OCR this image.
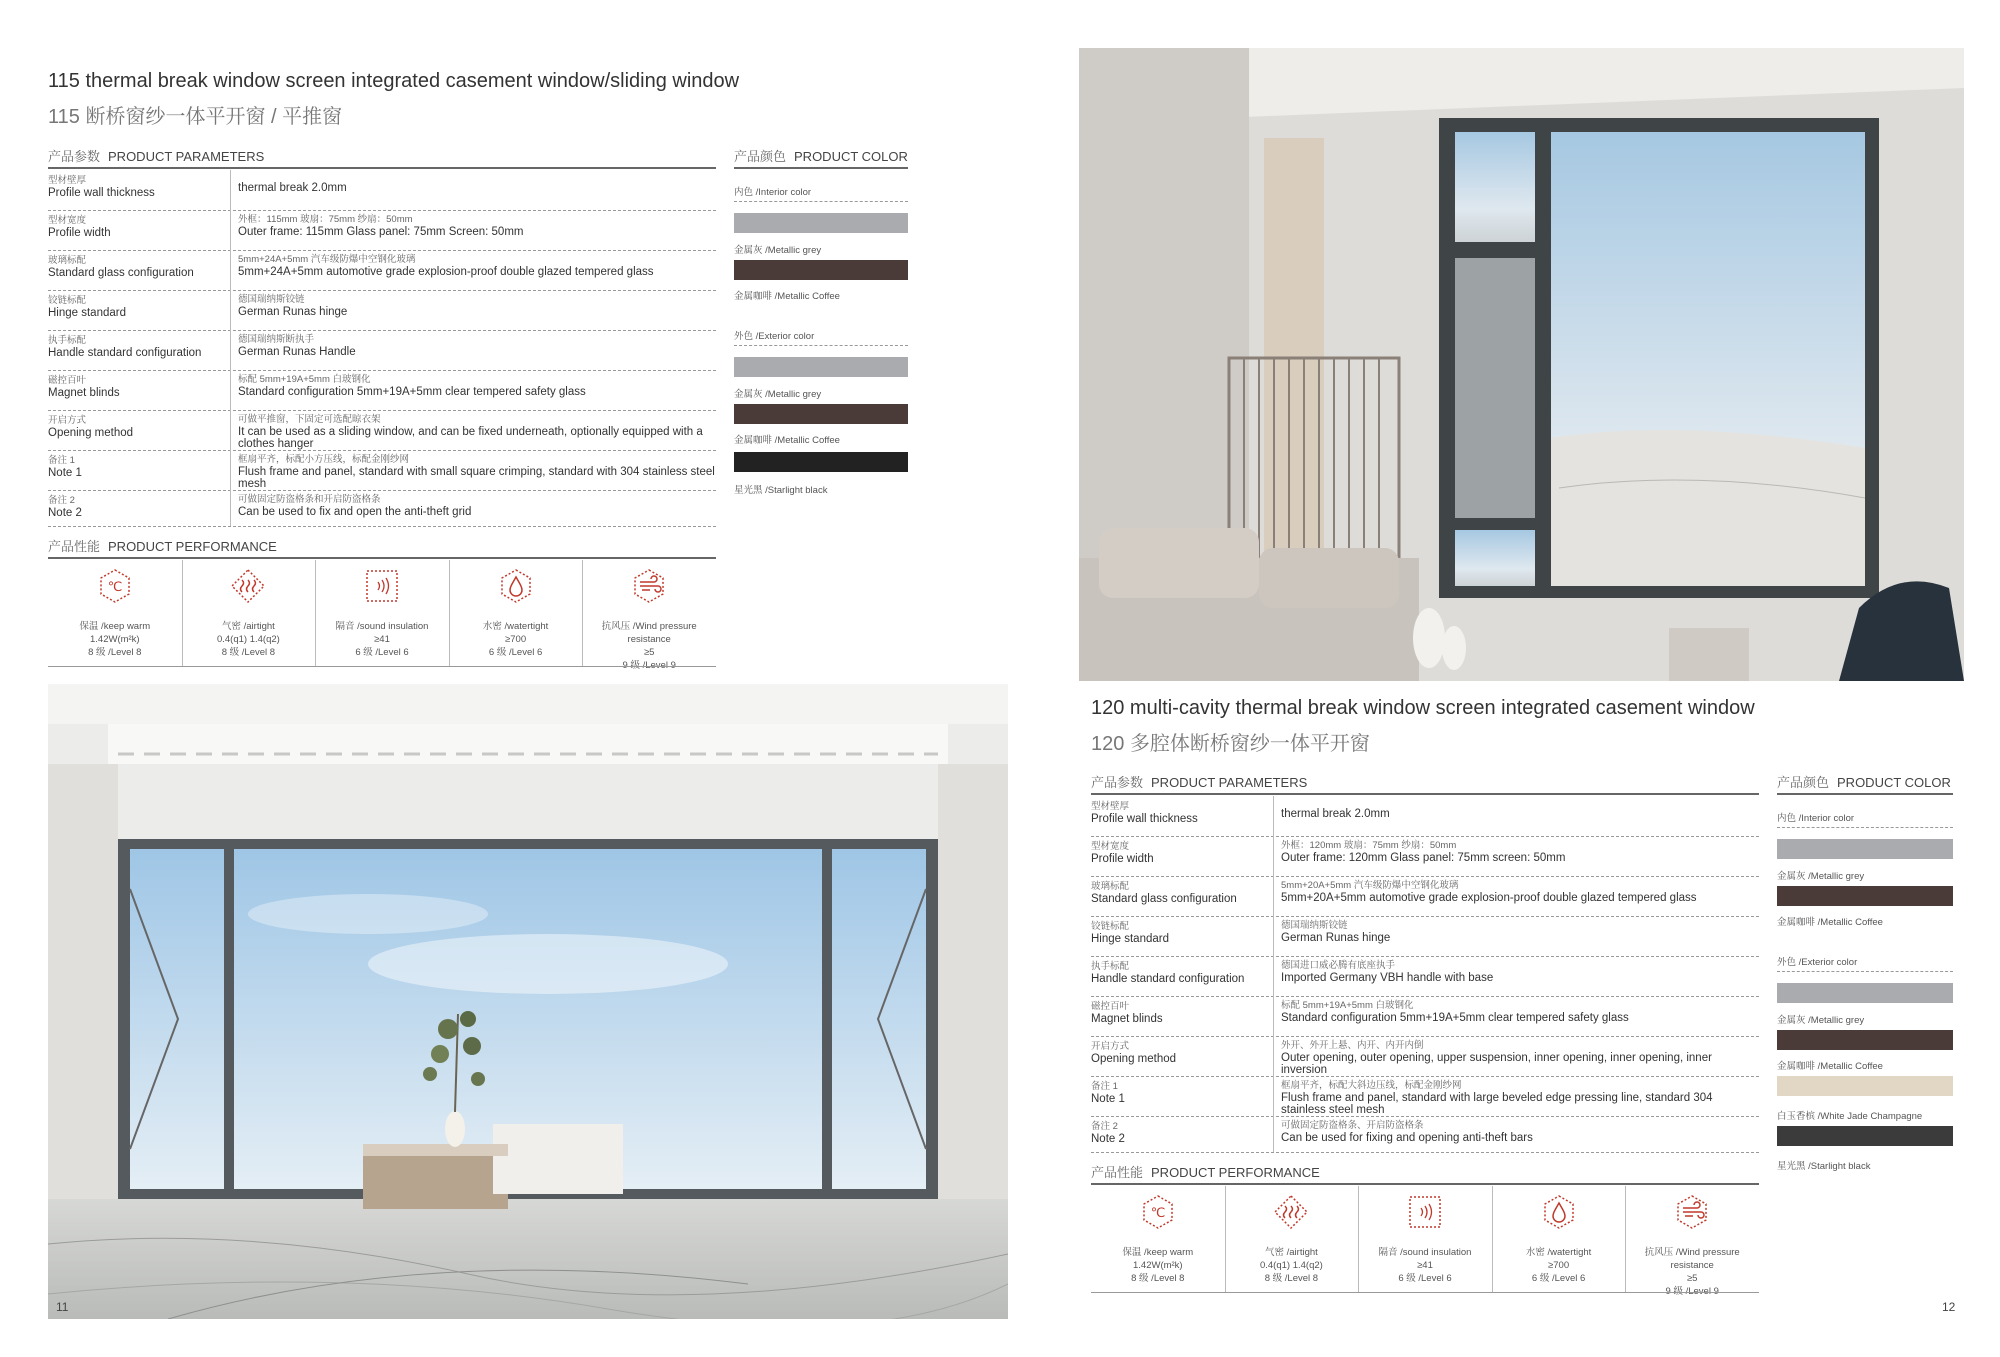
115 thermal break window screen integrated casement window/sliding window
115 断桥窗纱一体平开窗 / 平推窗
产品参数 PRODUCT PARAMETERS
型材壁厚
Profile wall thickness	thermal break 2.0mm
型材宽度
Profile width
外框：115mm 玻扇：75mm 纱扇：50mm
Outer frame: 115mm Glass panel: 75mm Screen: 50mm
玻璃标配
Standard glass configuration
5mm+24A+5mm 汽车级防爆中空钢化玻璃
5mm+24A+5mm automotive grade explosion-proof double glazed tempered glass
铰链标配
Hinge standard
德国瑞纳斯铰链
German Runas hinge
执手标配
Handle standard configuration
德国瑞纳斯断执手
German Runas Handle
磁控百叶
Magnet blinds
标配 5mm+19A+5mm 白玻钢化
Standard configuration 5mm+19A+5mm clear tempered safety glass
开启方式
Opening method
可做平推窗，下固定可选配晾衣架
It can be used as a sliding window, and can be fixed underneath, optionally equipped with a clothes hanger
备注 1
Note 1
框扇平齐，标配小方压线，标配金刚纱网
Flush frame and panel, standard with small square crimping, standard with 304 stainless steel mesh
备注 2
Note 2
可做固定防盗格条和开启防盗格条
Can be used to fix and open the anti-theft grid
产品颜色 PRODUCT COLOR
内色 /Interior color
金属灰 /Metallic grey
金属咖啡 /Metallic Coffee
外色 /Exterior color
金属灰 /Metallic grey
金属咖啡 /Metallic Coffee
星光黑 /Starlight black
产品性能 PRODUCT PERFORMANCE
℃
保温 /keep warm
1.42W(m²k)
8 级 /Level 8
气密 /airtight
0.4(q1) 1.4(q2)
8 级 /Level 8
隔音 /sound insulation
≥41
6 级 /Level 6
水密 /watertight
≥700
6 级 /Level 6
抗风压 /Wind pressure resistance
≥5
11
120 multi-cavity thermal break window screen integrated casement window
120 多腔体断桥窗纱一体平开窗
产品参数 PRODUCT PARAMETERS
型材壁厚
Profile wall thickness	thermal break 2.0mm
型材宽度
Profile width
外框：120mm 玻扇：75mm 纱扇：50mm
Outer frame: 120mm Glass panel: 75mm screen: 50mm
玻璃标配
Standard glass configuration
5mm+20A+5mm 汽车级防爆中空钢化玻璃
5mm+20A+5mm automotive grade explosion-proof double glazed tempered glass
铰链标配
Hinge standard
德国瑞纳斯铰链
German Runas hinge
执手标配
Handle standard configuration
德国进口威必腾有底座执手
Imported Germany VBH handle with base
磁控百叶
Magnet blinds
标配 5mm+19A+5mm 白玻钢化
Standard configuration 5mm+19A+5mm clear tempered safety glass
开启方式
Opening method
外开、外开上悬、内开、内开内倒
Outer opening, outer opening, upper suspension, inner opening, inner opening, inner inversion
备注 1
Note 1
框扇平齐，标配大斜边压线，标配金刚纱网
Flush frame and panel, standard with large beveled edge pressing line, standard 304 stainless steel mesh
备注 2
Note 2
可做固定防盗格条、开启防盗格条
Can be used for fixing and opening anti-theft bars
产品颜色 PRODUCT COLOR
内色 /Interior color
金属灰 /Metallic grey
金属咖啡 /Metallic Coffee
外色 /Exterior color
金属灰 /Metallic grey
金属咖啡 /Metallic Coffee
白玉香槟 /White Jade Champagne
星光黑 /Starlight black
产品性能 PRODUCT PERFORMANCE
℃
保温 /keep warm
1.42W(m²k)
8 级 /Level 8
气密 /airtight
0.4(q1) 1.4(q2)
8 级 /Level 8
隔音 /sound insulation
≥41
6 级 /Level 6
水密 /watertight
≥700
6 级 /Level 6
抗风压 /Wind pressure resistance
≥5
12
